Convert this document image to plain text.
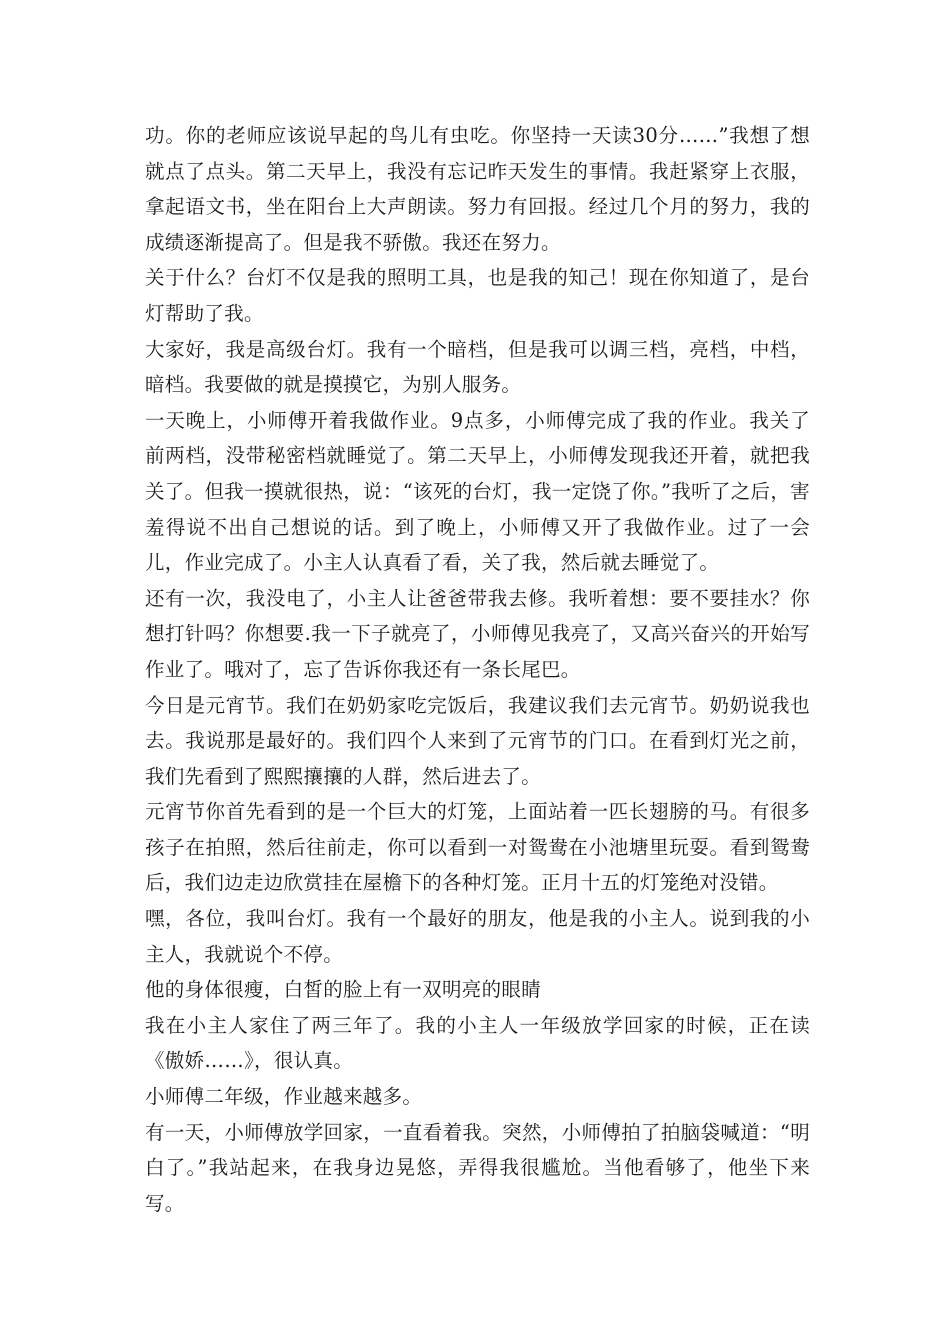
功。你的老师应该说早起的鸟儿有虫吃。你坚持一天读30分……”我想了想就点了点头。第二天早上，我没有忘记昨天发生的事情。我赶紧穿上衣服，拿起语文书，坐在阳台上大声朗读。努力有回报。经过几个月的努力，我的成绩逐渐提高了。但是我不骄傲。我还在努力。

关于什么？台灯不仅是我的照明工具，也是我的知己！现在你知道了，是台灯帮助了我。

大家好，我是高级台灯。我有一个暗档，但是我可以调三档，亮档，中档，暗档。我要做的就是摸摸它，为别人服务。

一天晚上，小师傅开着我做作业。9点多，小师傅完成了我的作业。我关了前两档，没带秘密档就睡觉了。第二天早上，小师傅发现我还开着，就把我关了。但我一摸就很热，说：“该死的台灯，我一定饶了你。”我听了之后，害羞得说不出自己想说的话。到了晚上，小师傅又开了我做作业。过了一会儿，作业完成了。小主人认真看了看，关了我，然后就去睡觉了。

还有一次，我没电了，小主人让爸爸带我去修。我听着想：要不要挂水？你想打针吗？你想要.我一下子就亮了，小师傅见我亮了，又高兴奋兴的开始写作业了。哦对了，忘了告诉你我还有一条长尾巴。

今日是元宵节。我们在奶奶家吃完饭后，我建议我们去元宵节。奶奶说我也去。我说那是最好的。我们四个人来到了元宵节的门口。在看到灯光之前，我们先看到了熙熙攘攘的人群，然后进去了。

元宵节你首先看到的是一个巨大的灯笼，上面站着一匹长翅膀的马。有很多孩子在拍照，然后往前走，你可以看到一对鸳鸯在小池塘里玩耍。看到鸳鸯后，我们边走边欣赏挂在屋檐下的各种灯笼。正月十五的灯笼绝对没错。

嘿，各位，我叫台灯。我有一个最好的朋友，他是我的小主人。说到我的小主人，我就说个不停。

他的身体很瘦，白皙的脸上有一双明亮的眼睛

我在小主人家住了两三年了。我的小主人一年级放学回家的时候，正在读《傲娇……》，很认真。

小师傅二年级，作业越来越多。

有一天，小师傅放学回家，一直看着我。突然，小师傅拍了拍脑袋喊道：“明白了。”我站起来，在我身边晃悠，弄得我很尴尬。当他看够了，他坐下来写。
